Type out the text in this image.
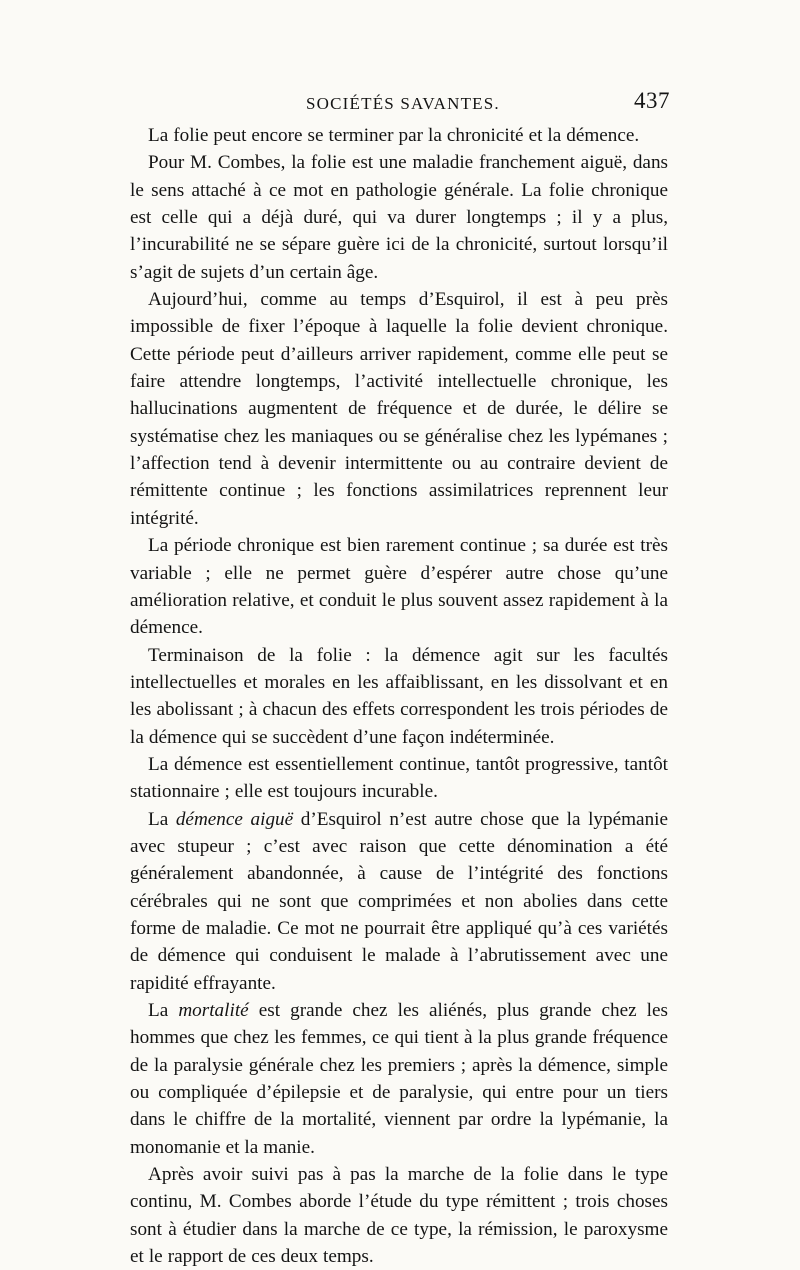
SOCIÉTÉS SAVANTES.	437

La folie peut encore se terminer par la chronicité et la démence.

Pour M. Combes, la folie est une maladie franchement aiguë, dans le sens attaché à ce mot en pathologie générale. La folie chronique est celle qui a déjà duré, qui va durer longtemps ; il y a plus, l’incurabilité ne se sépare guère ici de la chronicité, surtout lorsqu’il s’agit de sujets d’un certain âge.

Aujourd’hui, comme au temps d’Esquirol, il est à peu près impossible de fixer l’époque à laquelle la folie devient chronique. Cette période peut d’ailleurs arriver rapidement, comme elle peut se faire attendre longtemps, l’activité intellectuelle chronique, les hallucinations augmentent de fréquence et de durée, le délire se systématise chez les maniaques ou se généralise chez les lypémanes ; l’affection tend à devenir intermittente ou au contraire devient de rémittente continue ; les fonctions assimilatrices reprennent leur intégrité.

La période chronique est bien rarement continue ; sa durée est très variable ; elle ne permet guère d’espérer autre chose qu’une amélioration relative, et conduit le plus souvent assez rapidement à la démence.

Terminaison de la folie : la démence agit sur les facultés intellectuelles et morales en les affaiblissant, en les dissolvant et en les abolissant ; à chacun des effets correspondent les trois périodes de la démence qui se succèdent d’une façon indéterminée.

La démence est essentiellement continue, tantôt progressive, tantôt stationnaire ; elle est toujours incurable.

La démence aiguë d’Esquirol n’est autre chose que la lypémanie avec stupeur ; c’est avec raison que cette dénomination a été généralement abandonnée, à cause de l’intégrité des fonctions cérébrales qui ne sont que comprimées et non abolies dans cette forme de maladie. Ce mot ne pourrait être appliqué qu’à ces variétés de démence qui conduisent le malade à l’abrutissement avec une rapidité effrayante.

La mortalité est grande chez les aliénés, plus grande chez les hommes que chez les femmes, ce qui tient à la plus grande fréquence de la paralysie générale chez les premiers ; après la démence, simple ou compliquée d’épilepsie et de paralysie, qui entre pour un tiers dans le chiffre de la mortalité, viennent par ordre la lypémanie, la monomanie et la manie.

Après avoir suivi pas à pas la marche de la folie dans le type continu, M. Combes aborde l’étude du type rémittent ; trois choses sont à étudier dans la marche de ce type, la rémission, le paroxysme et le rapport de ces deux temps.
